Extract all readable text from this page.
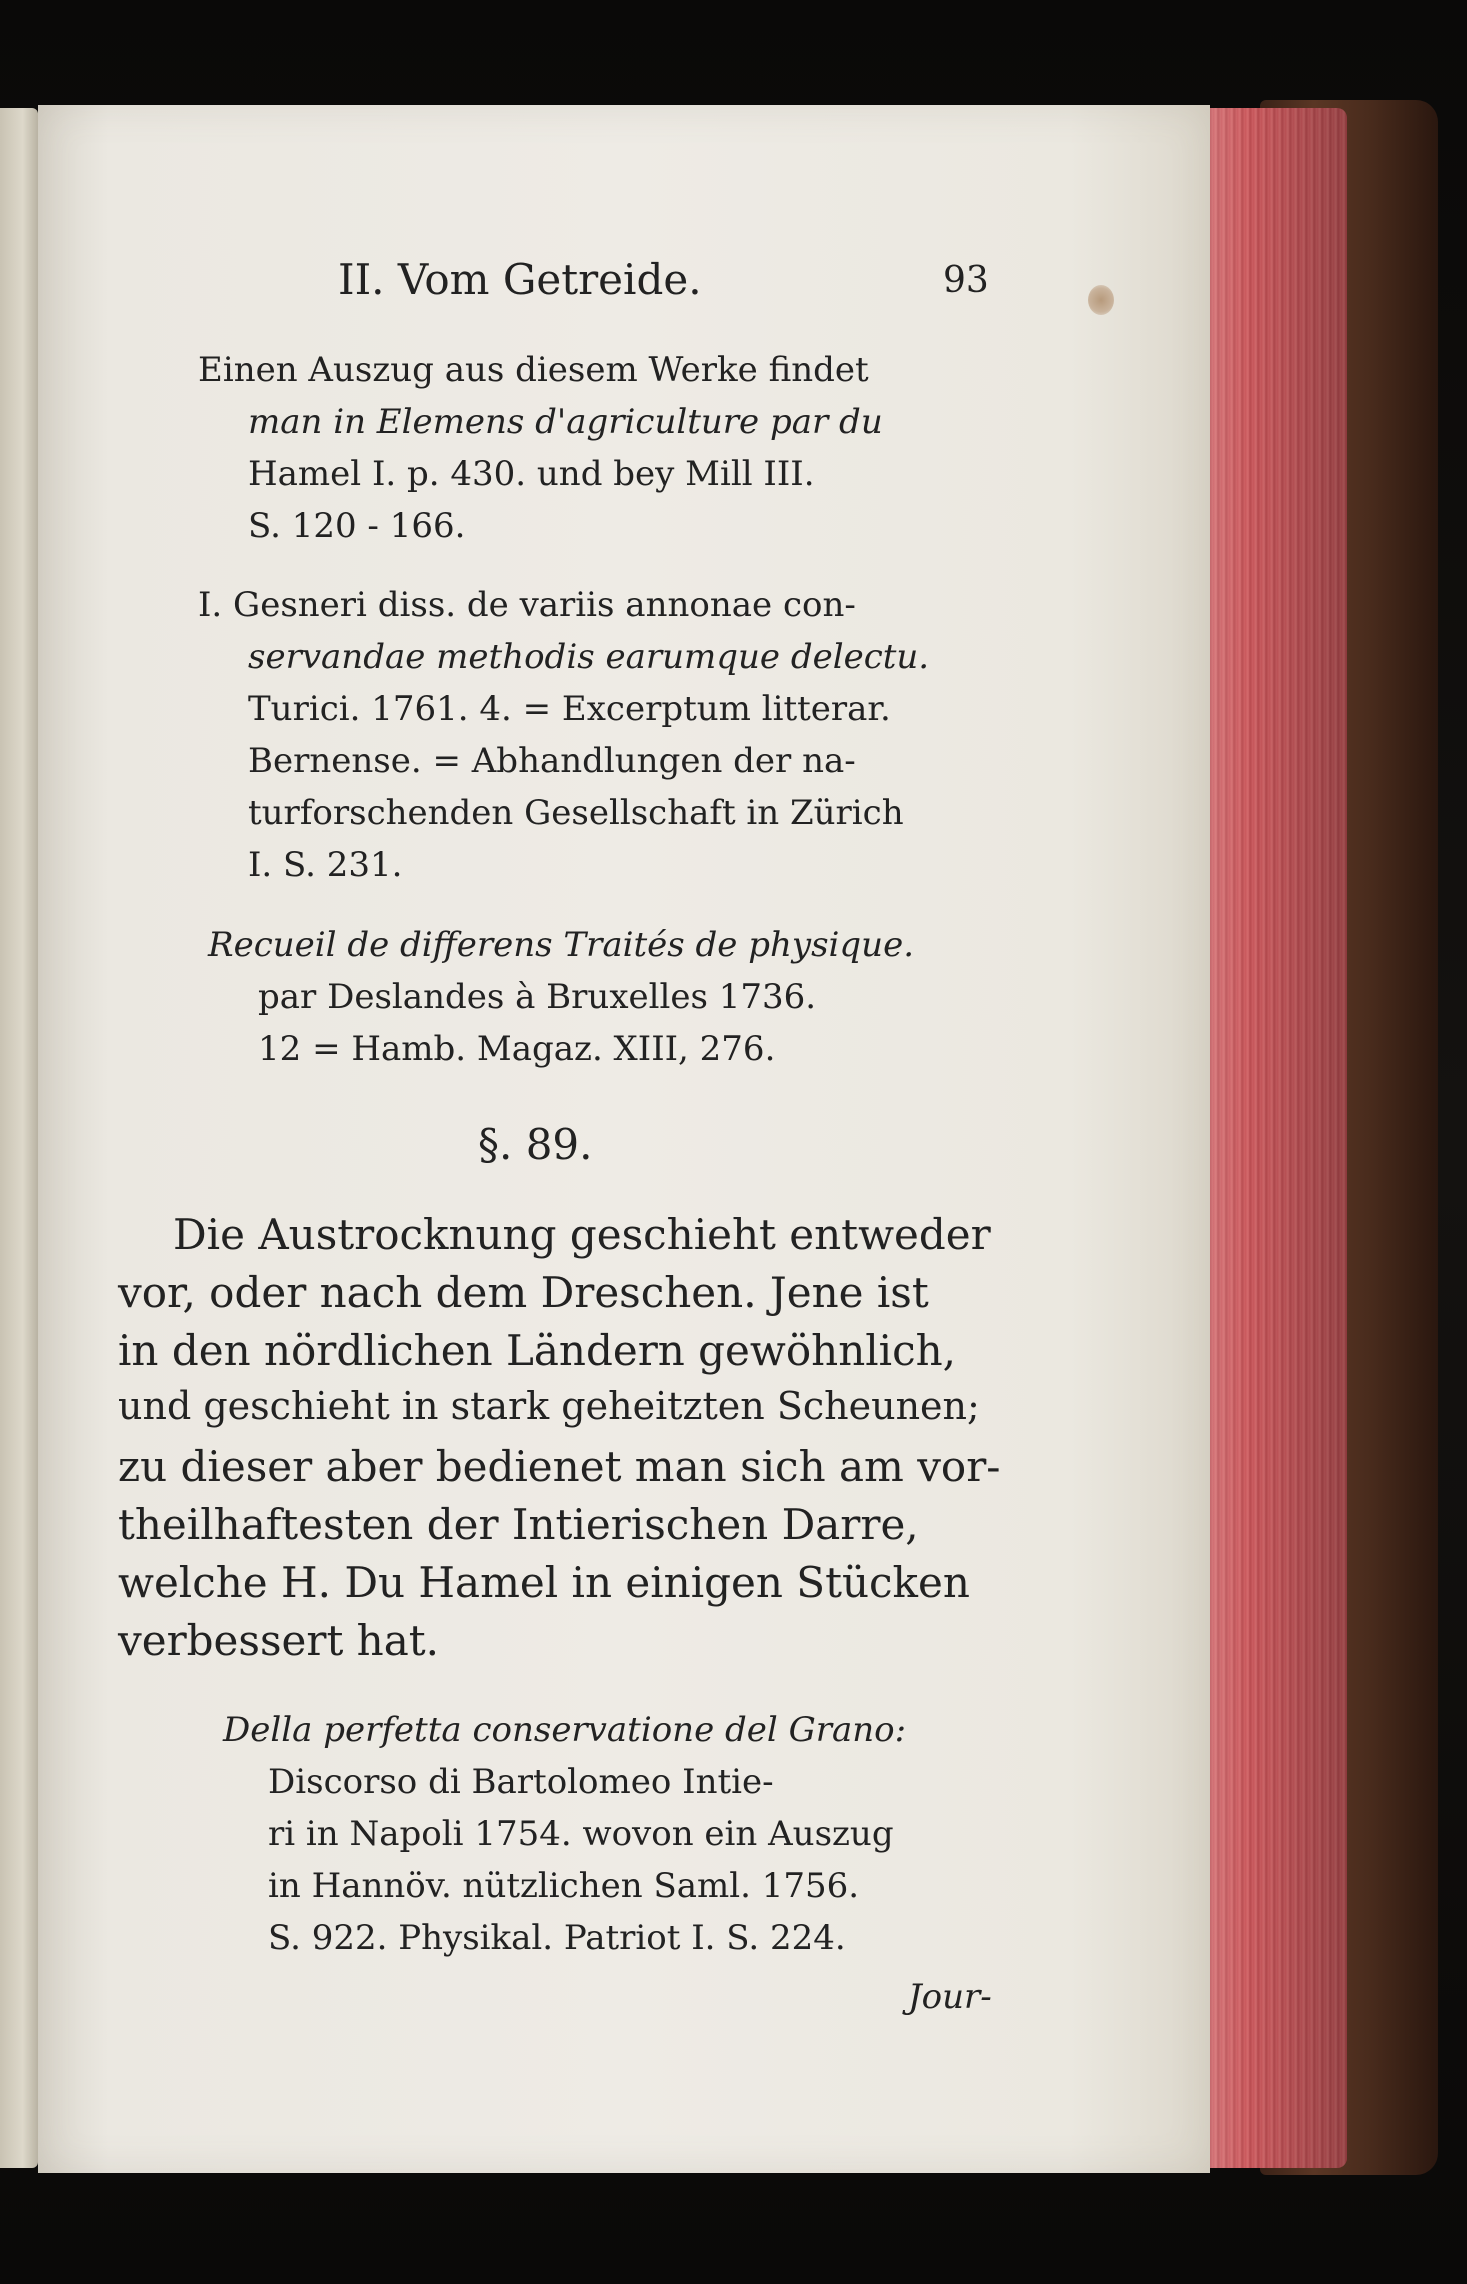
II. Vom Getreide.	93
Einen Auszug aus diesem Werke findet
man in Elemens d'agriculture par du
Hamel I. p. 430. und bey Mill III.
S. 120 - 166.
I. Gesneri diss. de variis annonae con-
servandae methodis earumque delectu.
Turici. 1761. 4. = Excerptum litterar.
Bernense. = Abhandlungen der na-
turforschenden Gesellschaft in Zürich
I. S. 231.
Recueil de differens Traités de physique.
par Deslandes à Bruxelles 1736.
12 = Hamb. Magaz. XIII, 276.
§. 89.
Die Austrocknung geschieht entweder
vor, oder nach dem Dreschen. Jene ist
in den nördlichen Ländern gewöhnlich,
und geschieht in stark geheitzten Scheunen;
zu dieser aber bedienet man sich am vor-
theilhaftesten der Intierischen Darre,
welche H. Du Hamel in einigen Stücken
verbessert hat.
Della perfetta conservatione del Grano:
Discorso di Bartolomeo Intie-
ri in Napoli 1754. wovon ein Auszug
in Hannöv. nützlichen Saml. 1756.
S. 922. Physikal. Patriot I. S. 224.
Jour-
